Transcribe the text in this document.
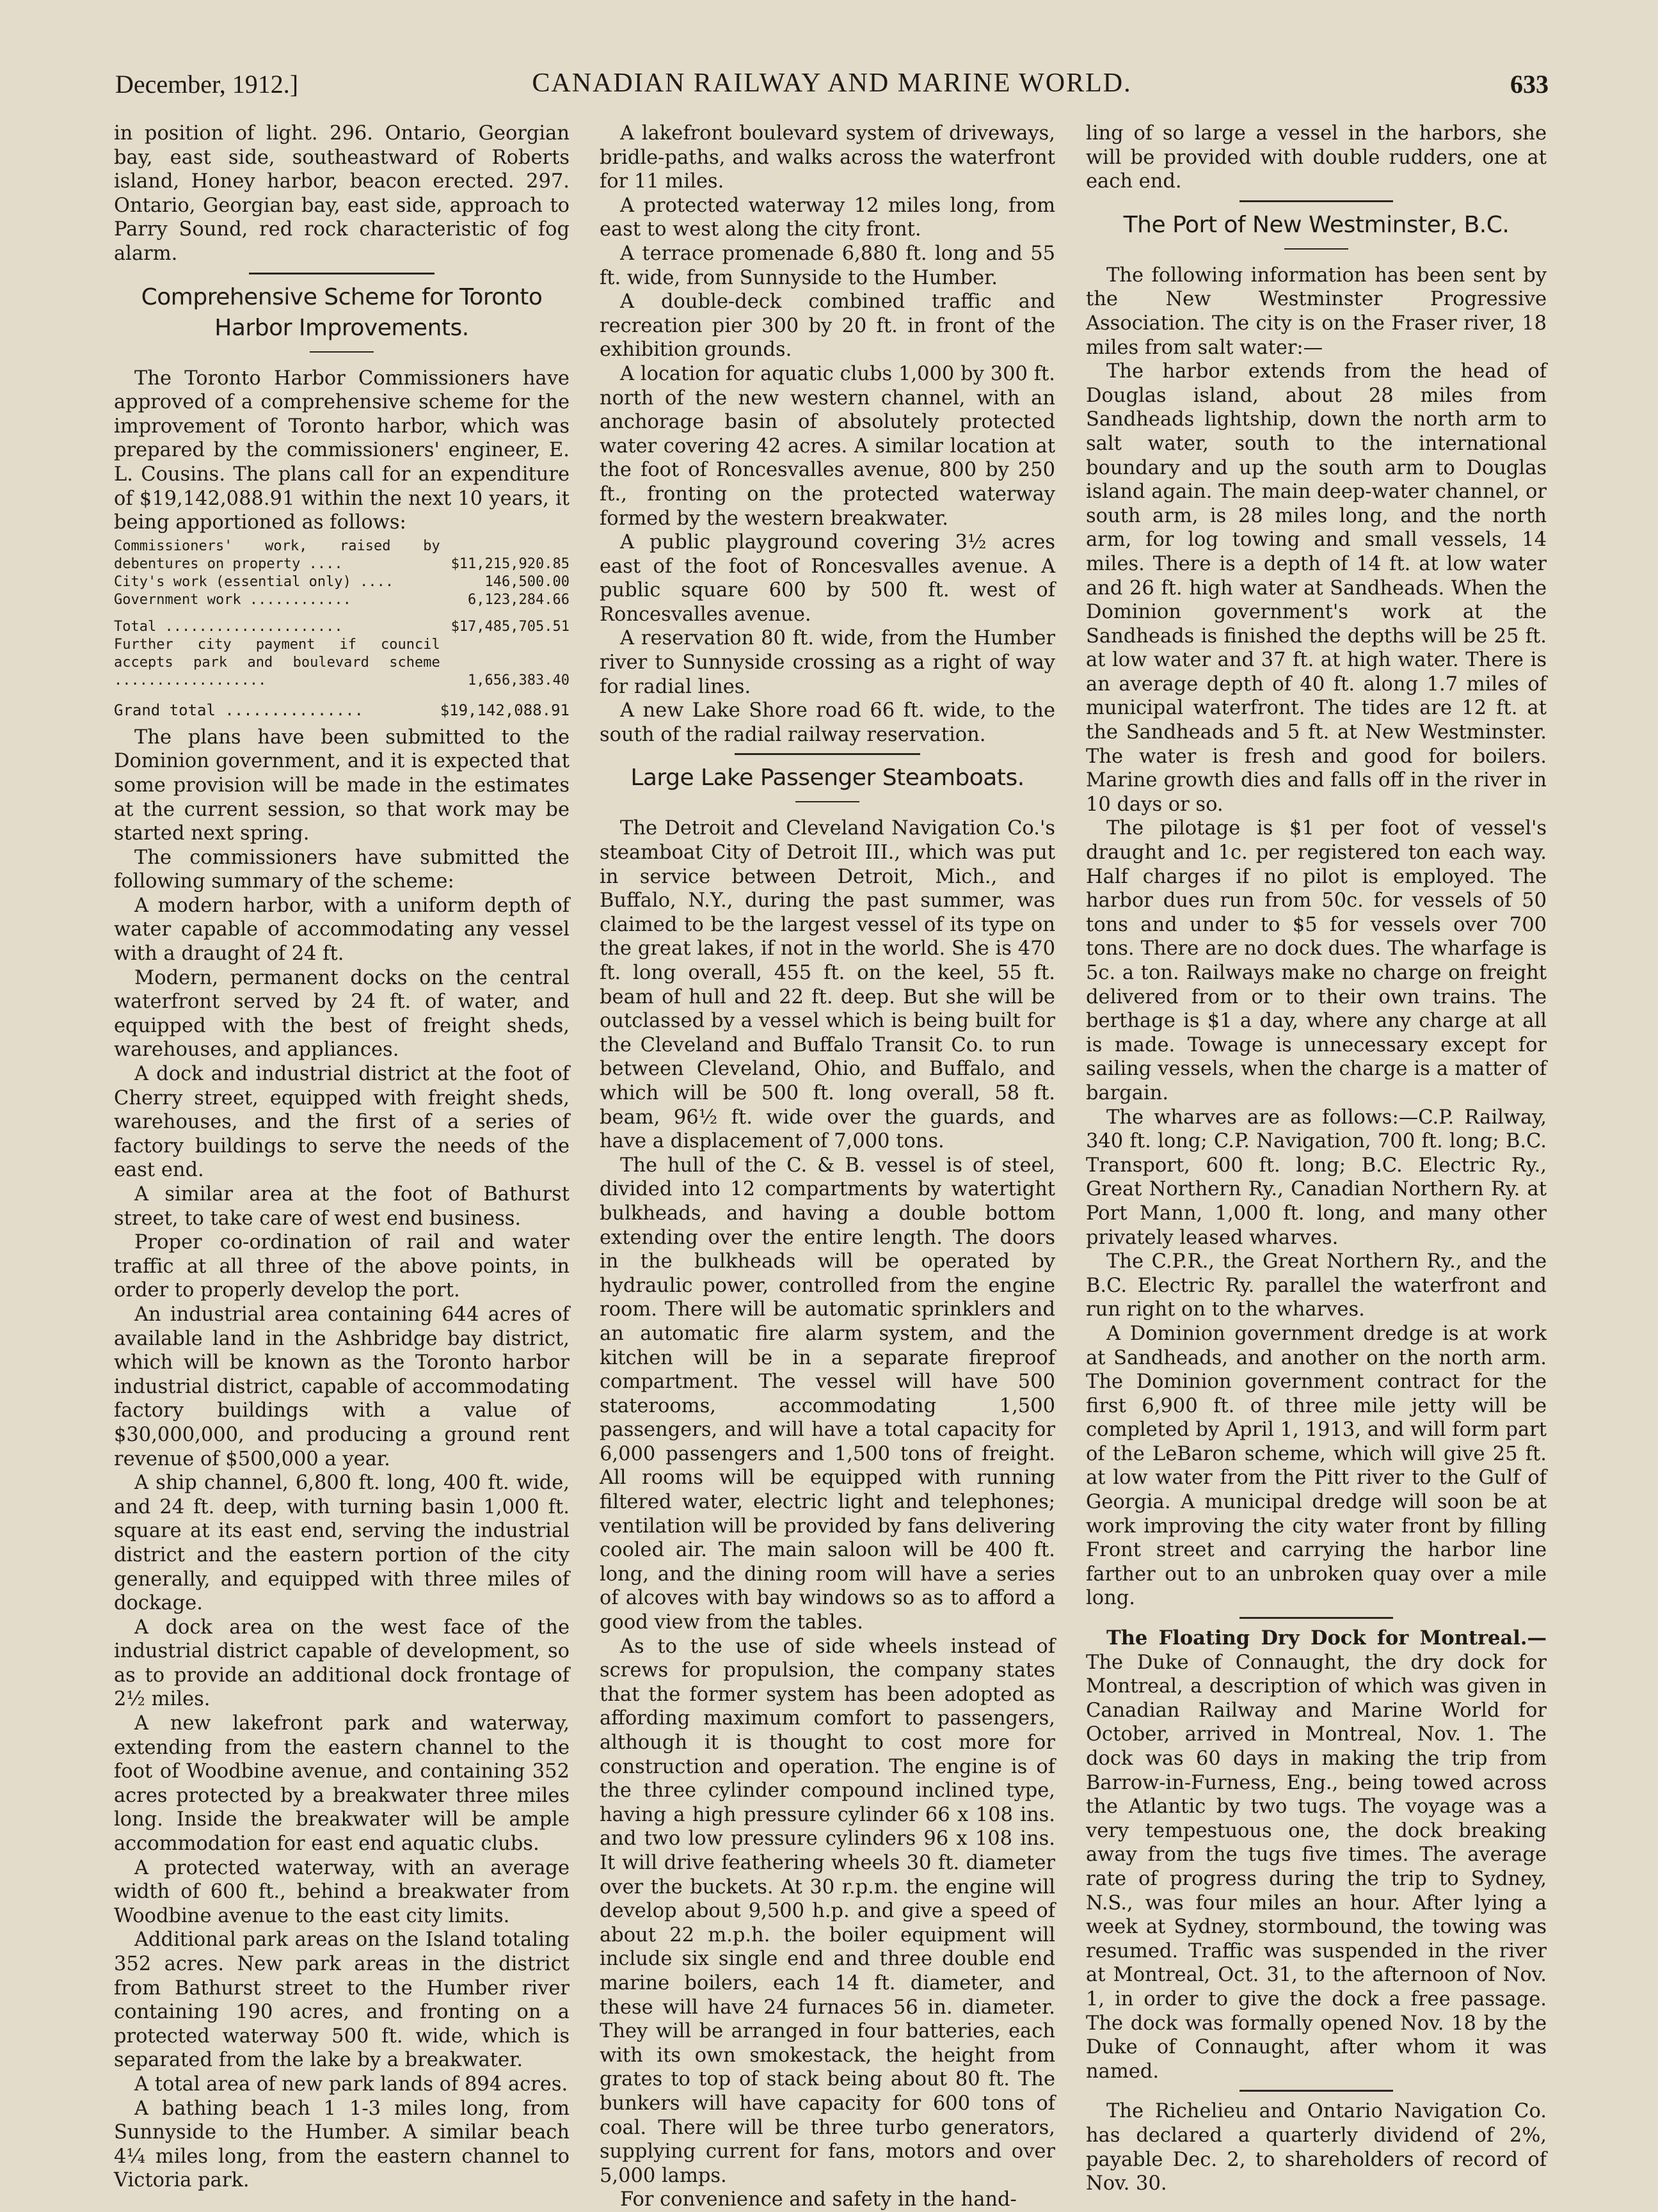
December, 1912.]	CANADIAN RAILWAY AND MARINE WORLD.	633

in position of light. 296. Ontario, Georgian bay, east side, southeastward of Roberts island, Honey harbor, beacon erected. 297. Ontario, Georgian bay, east side, approach to Parry Sound, red rock characteristic of fog alarm.

Comprehensive Scheme for Toronto Harbor Improvements.

The Toronto Harbor Commissioners have approved of a comprehensive scheme for the improvement of Toronto harbor, which was prepared by the commissioners' engineer, E. L. Cousins. The plans call for an expenditure of $19,142,088.91 within the next 10 years, it being apportioned as follows:

Commissioners' work, raised by debentures on property ....	$11,215,920.85
City's work (essential only) ....	146,500.00
Government work ............	6,123,284.66
Total .....................	$17,485,705.51
Further city payment if council accepts park and boulevard scheme ..................	1,656,383.40
Grand total ...............	$19,142,088.91

The plans have been submitted to the Dominion government, and it is expected that some provision will be made in the estimates at the current session, so that work may be started next spring.

The commissioners have submitted the following summary of the scheme:

A modern harbor, with a uniform depth of water capable of accommodating any vessel with a draught of 24 ft.

Modern, permanent docks on the central waterfront served by 24 ft. of water, and equipped with the best of freight sheds, warehouses, and appliances.

A dock and industrial district at the foot of Cherry street, equipped with freight sheds, warehouses, and the first of a series of factory buildings to serve the needs of the east end.

A similar area at the foot of Bathurst street, to take care of west end business.

Proper co-ordination of rail and water traffic at all three of the above points, in order to properly develop the port.

An industrial area containing 644 acres of available land in the Ashbridge bay district, which will be known as the Toronto harbor industrial district, capable of accommodating factory buildings with a value of $30,000,000, and producing a ground rent revenue of $500,000 a year.

A ship channel, 6,800 ft. long, 400 ft. wide, and 24 ft. deep, with turning basin 1,000 ft. square at its east end, serving the industrial district and the eastern portion of the city generally, and equipped with three miles of dockage.

A dock area on the west face of the industrial district capable of development, so as to provide an additional dock frontage of 2½ miles.

A new lakefront park and waterway, extending from the eastern channel to the foot of Woodbine avenue, and containing 352 acres protected by a breakwater three miles long. Inside the breakwater will be ample accommodation for east end aquatic clubs.

A protected waterway, with an average width of 600 ft., behind a breakwater from Woodbine avenue to the east city limits.

Additional park areas on the Island totaling 352 acres. New park areas in the district from Bathurst street to the Humber river containing 190 acres, and fronting on a protected waterway 500 ft. wide, which is separated from the lake by a breakwater.

A total area of new park lands of 894 acres.

A bathing beach 1 1-3 miles long, from Sunnyside to the Humber. A similar beach 4¼ miles long, from the eastern channel to Victoria park.

A lakefront boulevard system of driveways, bridle-paths, and walks across the waterfront for 11 miles.

A protected waterway 12 miles long, from east to west along the city front.

A terrace promenade 6,880 ft. long and 55 ft. wide, from Sunnyside to the Humber.

A double-deck combined traffic and recreation pier 300 by 20 ft. in front of the exhibition grounds.

A location for aquatic clubs 1,000 by 300 ft. north of the new western channel, with an anchorage basin of absolutely protected water covering 42 acres. A similar location at the foot of Roncesvalles avenue, 800 by 250 ft., fronting on the protected waterway formed by the western breakwater.

A public playground covering 3½ acres east of the foot of Roncesvalles avenue. A public square 600 by 500 ft. west of Roncesvalles avenue.

A reservation 80 ft. wide, from the Humber river to Sunnyside crossing as a right of way for radial lines.

A new Lake Shore road 66 ft. wide, to the south of the radial railway reservation.

Large Lake Passenger Steamboats.

The Detroit and Cleveland Navigation Co.'s steamboat City of Detroit III., which was put in service between Detroit, Mich., and Buffalo, N.Y., during the past summer, was claimed to be the largest vessel of its type on the great lakes, if not in the world. She is 470 ft. long overall, 455 ft. on the keel, 55 ft. beam of hull and 22 ft. deep. But she will be outclassed by a vessel which is being built for the Cleveland and Buffalo Transit Co. to run between Cleveland, Ohio, and Buffalo, and which will be 500 ft. long overall, 58 ft. beam, 96½ ft. wide over the guards, and have a displacement of 7,000 tons.

The hull of the C. & B. vessel is of steel, divided into 12 compartments by watertight bulkheads, and having a double bottom extending over the entire length. The doors in the bulkheads will be operated by hydraulic power, controlled from the engine room. There will be automatic sprinklers and an automatic fire alarm system, and the kitchen will be in a separate fireproof compartment. The vessel will have 500 staterooms, accommodating 1,500 passengers, and will have a total capacity for 6,000 passengers and 1,500 tons of freight. All rooms will be equipped with running filtered water, electric light and telephones; ventilation will be provided by fans delivering cooled air. The main saloon will be 400 ft. long, and the dining room will have a series of alcoves with bay windows so as to afford a good view from the tables.

As to the use of side wheels instead of screws for propulsion, the company states that the former system has been adopted as affording maximum comfort to passengers, although it is thought to cost more for construction and operation. The engine is of the three cylinder compound inclined type, having a high pressure cylinder 66 x 108 ins. and two low pressure cylinders 96 x 108 ins. It will drive feathering wheels 30 ft. diameter over the buckets. At 30 r.p.m. the engine will develop about 9,500 h.p. and give a speed of about 22 m.p.h. the boiler equipment will include six single end and three double end marine boilers, each 14 ft. diameter, and these will have 24 furnaces 56 in. diameter. They will be arranged in four batteries, each with its own smokestack, the height from grates to top of stack being about 80 ft. The bunkers will have capacity for 600 tons of coal. There will be three turbo generators, supplying current for fans, motors and over 5,000 lamps.

For convenience and safety in the hand-

ling of so large a vessel in the harbors, she will be provided with double rudders, one at each end.

The Port of New Westminster, B.C.

The following information has been sent by the New Westminster Progressive Association. The city is on the Fraser river, 18 miles from salt water:—

The harbor extends from the head of Douglas island, about 28 miles from Sandheads lightship, down the north arm to salt water, south to the international boundary and up the south arm to Douglas island again. The main deep-water channel, or south arm, is 28 miles long, and the north arm, for log towing and small vessels, 14 miles. There is a depth of 14 ft. at low water and 26 ft. high water at Sandheads. When the Dominion government's work at the Sandheads is finished the depths will be 25 ft. at low water and 37 ft. at high water. There is an average depth of 40 ft. along 1.7 miles of municipal waterfront. The tides are 12 ft. at the Sandheads and 5 ft. at New Westminster. The water is fresh and good for boilers. Marine growth dies and falls off in the river in 10 days or so.

The pilotage is $1 per foot of vessel's draught and 1c. per registered ton each way. Half charges if no pilot is employed. The harbor dues run from 50c. for vessels of 50 tons and under to $5 for vessels over 700 tons. There are no dock dues. The wharfage is 5c. a ton. Railways make no charge on freight delivered from or to their own trains. The berthage is $1 a day, where any charge at all is made. Towage is unnecessary except for sailing vessels, when the charge is a matter of bargain.

The wharves are as follows:—C.P. Railway, 340 ft. long; C.P. Navigation, 700 ft. long; B.C. Transport, 600 ft. long; B.C. Electric Ry., Great Northern Ry., Canadian Northern Ry. at Port Mann, 1,000 ft. long, and many other privately leased wharves.

The C.P.R., the Great Northern Ry., and the B.C. Electric Ry. parallel the waterfront and run right on to the wharves.

A Dominion government dredge is at work at Sandheads, and another on the north arm. The Dominion government contract for the first 6,900 ft. of three mile jetty will be completed by April 1, 1913, and will form part of the LeBaron scheme, which will give 25 ft. at low water from the Pitt river to the Gulf of Georgia. A municipal dredge will soon be at work improving the city water front by filling Front street and carrying the harbor line farther out to an unbroken quay over a mile long.

The Floating Dry Dock for Montreal.— The Duke of Connaught, the dry dock for Montreal, a description of which was given in Canadian Railway and Marine World for October, arrived in Montreal, Nov. 1. The dock was 60 days in making the trip from Barrow-in-Furness, Eng., being towed across the Atlantic by two tugs. The voyage was a very tempestuous one, the dock breaking away from the tugs five times. The average rate of progress during the trip to Sydney, N.S., was four miles an hour. After lying a week at Sydney, stormbound, the towing was resumed. Traffic was suspended in the river at Montreal, Oct. 31, to the afternoon of Nov. 1, in order to give the dock a free passage. The dock was formally opened Nov. 18 by the Duke of Connaught, after whom it was named.

The Richelieu and Ontario Navigation Co. has declared a quarterly dividend of 2%, payable Dec. 2, to shareholders of record of Nov. 30.
